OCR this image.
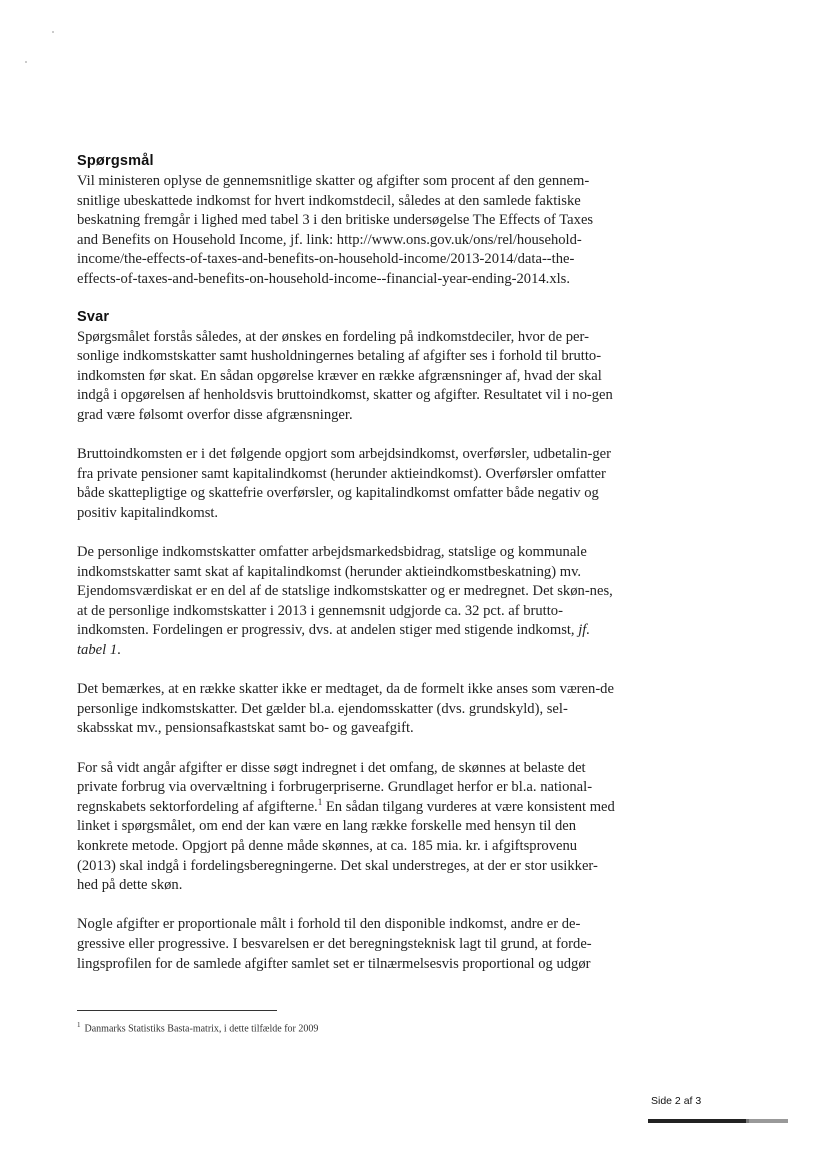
Spørgsmål

Vil ministeren oplyse de gennemsnitlige skatter og afgifter som procent af den gennem-snitlige ubeskattede indkomst for hvert indkomstdecil, således at den samlede faktiske beskatning fremgår i lighed med tabel 3 i den britiske undersøgelse The Effects of Taxes and Benefits on Household Income, jf. link: http://www.ons.gov.uk/ons/rel/household-income/the-effects-of-taxes-and-benefits-on-household-income/2013-2014/data--the-effects-of-taxes-and-benefits-on-household-income--financial-year-ending-2014.xls.

Svar

Spørgsmålet forstås således, at der ønskes en fordeling på indkomstdeciler, hvor de per-sonlige indkomstskatter samt husholdningernes betaling af afgifter ses i forhold til brutto-indkomsten før skat. En sådan opgørelse kræver en række afgrænsninger af, hvad der skal indgå i opgørelsen af henholdsvis bruttoindkomst, skatter og afgifter. Resultatet vil i no-gen grad være følsomt overfor disse afgrænsninger.

Bruttoindkomsten er i det følgende opgjort som arbejdsindkomst, overførsler, udbetalin-ger fra private pensioner samt kapitalindkomst (herunder aktieindkomst). Overførsler omfatter både skattepligtige og skattefrie overførsler, og kapitalindkomst omfatter både negativ og positiv kapitalindkomst.

De personlige indkomstskatter omfatter arbejdsmarkedsbidrag, statslige og kommunale indkomstskatter samt skat af kapitalindkomst (herunder aktieindkomstbeskatning) mv. Ejendomsværdiskat er en del af de statslige indkomstskatter og er medregnet. Det skøn-nes, at de personlige indkomstskatter i 2013 i gennemsnit udgjorde ca. 32 pct. af brutto-indkomsten. Fordelingen er progressiv, dvs. at andelen stiger med stigende indkomst, jf. tabel 1.

Det bemærkes, at en række skatter ikke er medtaget, da de formelt ikke anses som væren-de personlige indkomstskatter. Det gælder bl.a. ejendomsskatter (dvs. grundskyld), sel-skabsskat mv., pensionsafkastskat samt bo- og gaveafgift.

For så vidt angår afgifter er disse søgt indregnet i det omfang, de skønnes at belaste det private forbrug via overvæltning i forbrugerpriserne. Grundlaget herfor er bl.a. national-regnskabets sektorfordeling af afgifterne.$^1$ En sådan tilgang vurderes at være konsistent med linket i spørgsmålet, om end der kan være en lang række forskelle med hensyn til den konkrete metode. Opgjort på denne måde skønnes, at ca. 185 mia. kr. i afgiftsprovenu (2013) skal indgå i fordelingsberegningerne. Det skal understreges, at der er stor usikker-hed på dette skøn.

Nogle afgifter er proportionale målt i forhold til den disponible indkomst, andre er de-gressive eller progressive. I besvarelsen er det beregningsteknisk lagt til grund, at forde-lingsprofilen for de samlede afgifter samlet set er tilnærmelsesvis proportional og udgør

$^1$ Danmarks Statistiks Basta-matrix, i dette tilfælde for 2009
Side 2 af 3
